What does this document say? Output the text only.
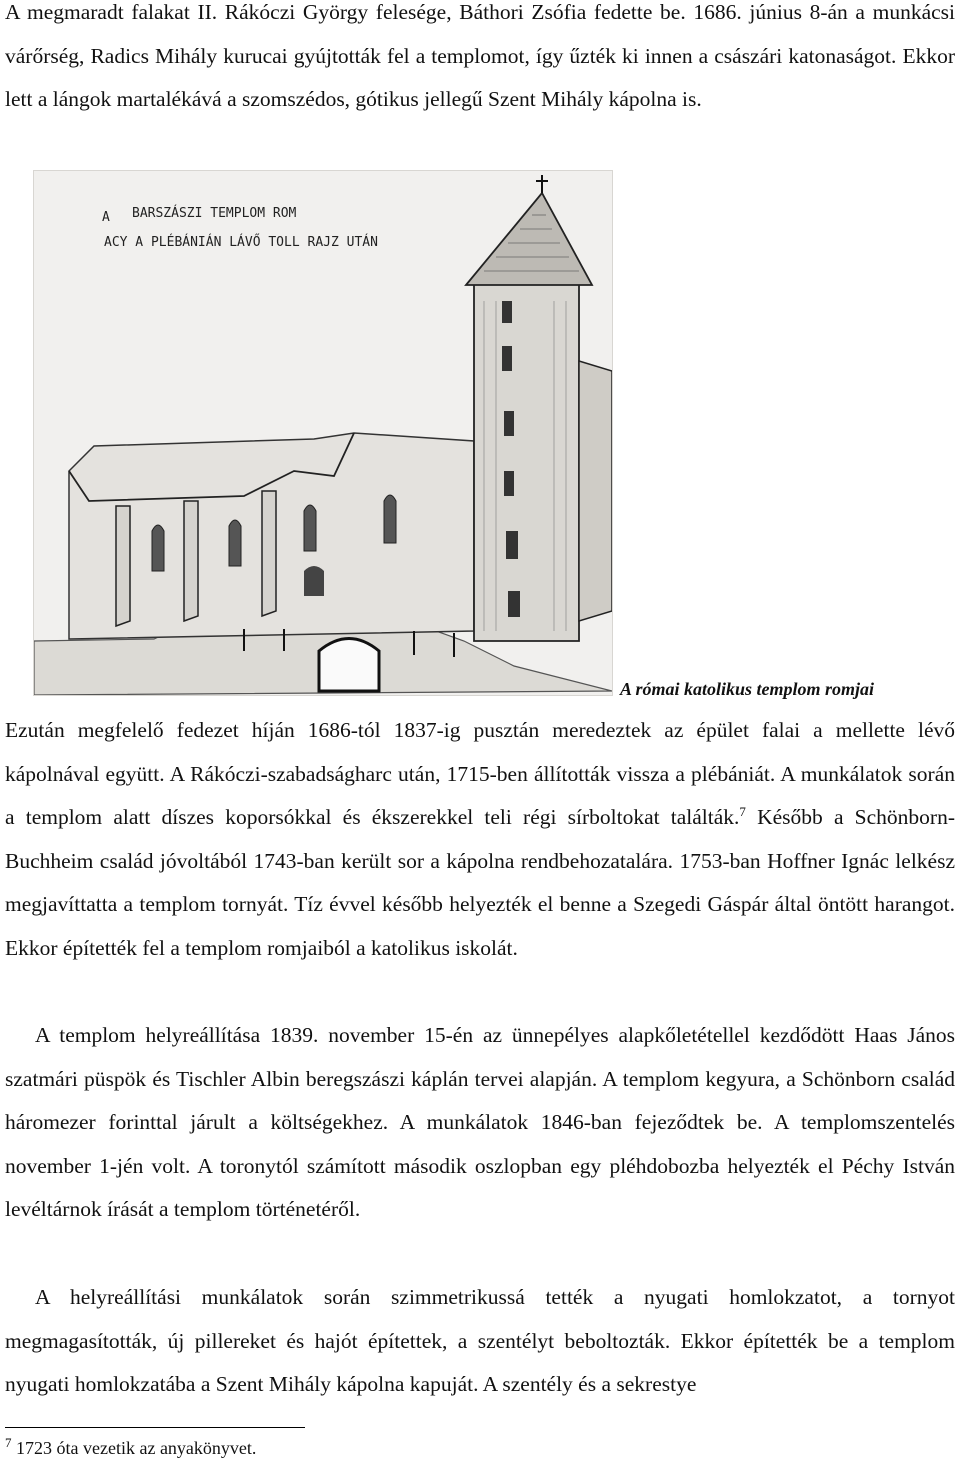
A megmaradt falakat II. Rákóczi György felesége, Báthori Zsófia fedette be. 1686. június 8-án a munkácsi várőrség, Radics Mihály kurucai gyújtották fel a templomot, így űzték ki innen a császári katonaságot. Ekkor lett a lángok martalékává a szomszédos, gótikus jellegű Szent Mihály kápolna is.

A BARSZÁSZI TEMPLOM ROM
ACY A PLÉBÁNIÁN LÁVŐ TOLL RAJZ UTÁN
A római katolikus templom romjai

Ezután megfelelő fedezet híján 1686-tól 1837-ig pusztán meredeztek az épület falai a mellette lévő kápolnával együtt. A Rákóczi-szabadságharc után, 1715-ben állították vissza a plébániát. A munkálatok során a templom alatt díszes koporsókkal és ékszerekkel teli régi sírboltokat találták.$^7$ Később a Schönborn-Buchheim család jóvoltából 1743-ban került sor a kápolna rendbehozatalára. 1753-ban Hoffner Ignác lelkész megjavíttatta a templom tornyát. Tíz évvel később helyezték el benne a Szegedi Gáspár által öntött harangot. Ekkor építették fel a templom romjaiból a katolikus iskolát.

A templom helyreállítása 1839. november 15-én az ünnepélyes alapkőletétellel kezdődött Haas János szatmári püspök és Tischler Albin beregszászi káplán tervei alapján. A templom kegyura, a Schönborn család háromezer forinttal járult a költségekhez. A munkálatok 1846-ban fejeződtek be. A templomszentelés november 1-jén volt. A toronytól számított második oszlopban egy pléhdobozba helyezték el Péchy István levéltárnok írását a templom történetéről.

A helyreállítási munkálatok során szimmetrikussá tették a nyugati homlokzatot, a tornyot megmagasították, új pillereket és hajót építettek, a szentélyt beboltozták. Ekkor építették be a templom nyugati homlokzatába a Szent Mihály kápolna kapuját. A szentély és a sekrestye

$^7$ 1723 óta vezetik az anyakönyvet.
